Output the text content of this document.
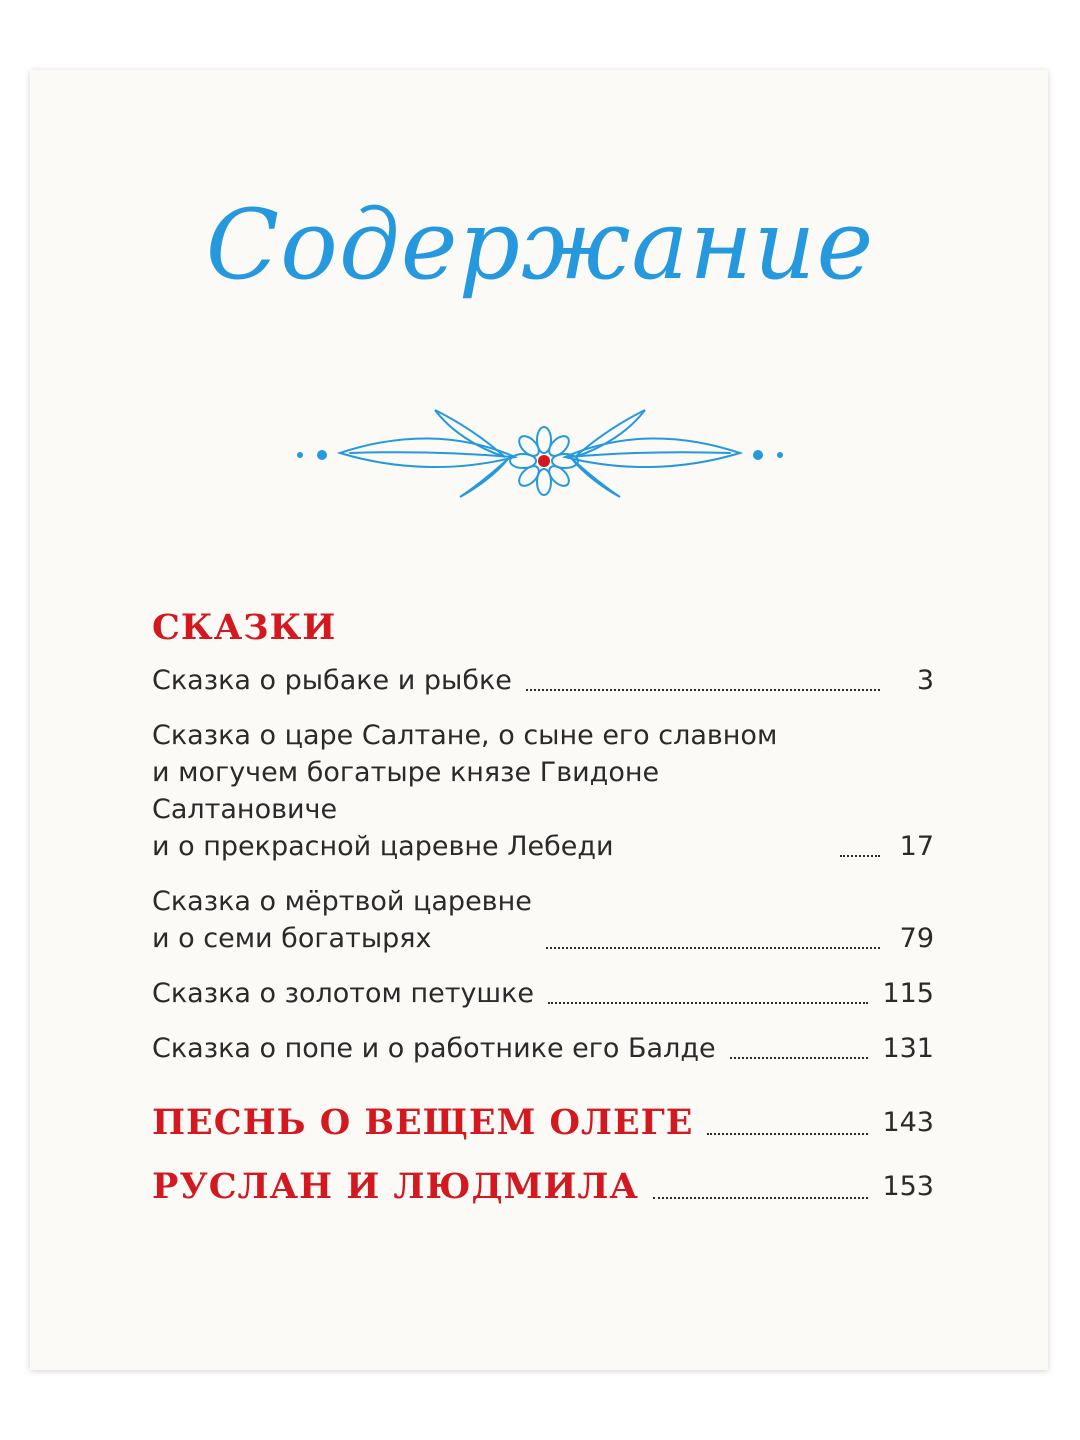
Содержание
СКАЗКИ
Сказка о рыбаке и рыбке	3
Сказка о царе Салтане, о сыне его славном
и могучем богатыре князе Гвидоне Салтановиче
и о прекрасной царевне Лебеди	17
Сказка о мёртвой царевне
и о семи богатырях	79
Сказка о золотом петушке	115
Сказка о попе и о работнике его Балде	131
ПЕСНЬ О ВЕЩЕМ ОЛЕГЕ	143
РУСЛАН И ЛЮДМИЛА	153
